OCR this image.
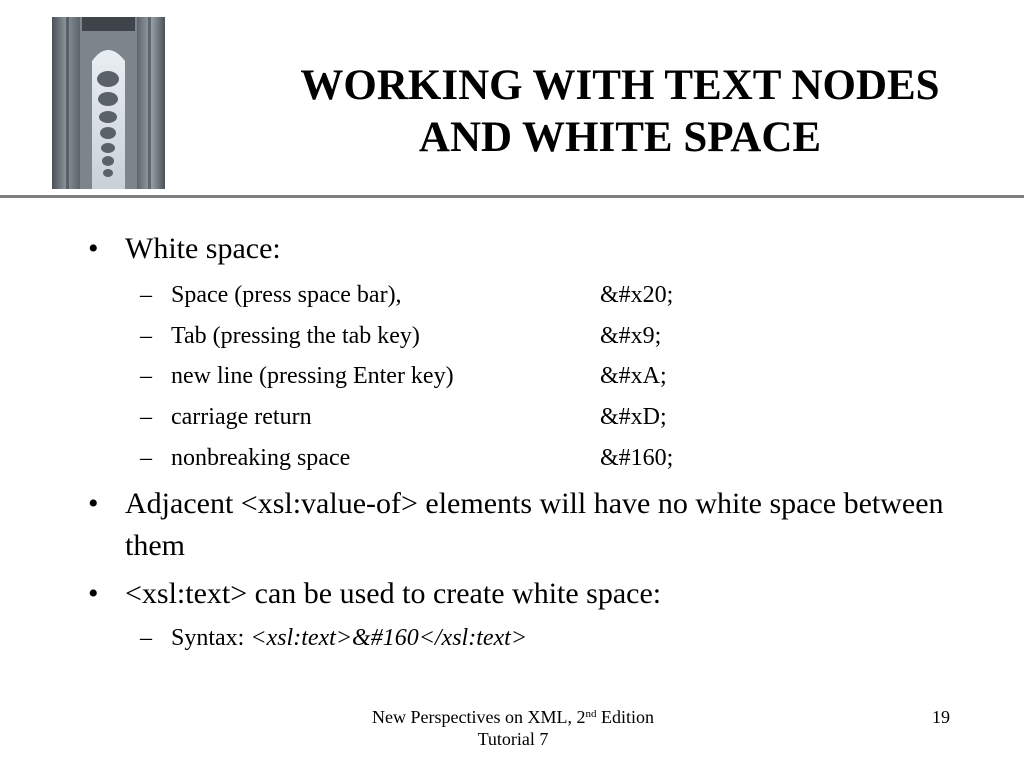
WORKING WITH TEXT NODES
AND WHITE SPACE
• White space:
– Space (press space bar),	&#x20;
– Tab (pressing the tab key)	&#x9;
– new line (pressing Enter key)	&#xA;
– carriage return	&#xD;
– nonbreaking space	&#160;
• Adjacent <xsl:value-of> elements will have no white space between them
• <xsl:text> can be used to create white space:
– Syntax: <xsl:text>&#160</xsl:text>
New Perspectives on XML, 2nd Edition
Tutorial 7
19
